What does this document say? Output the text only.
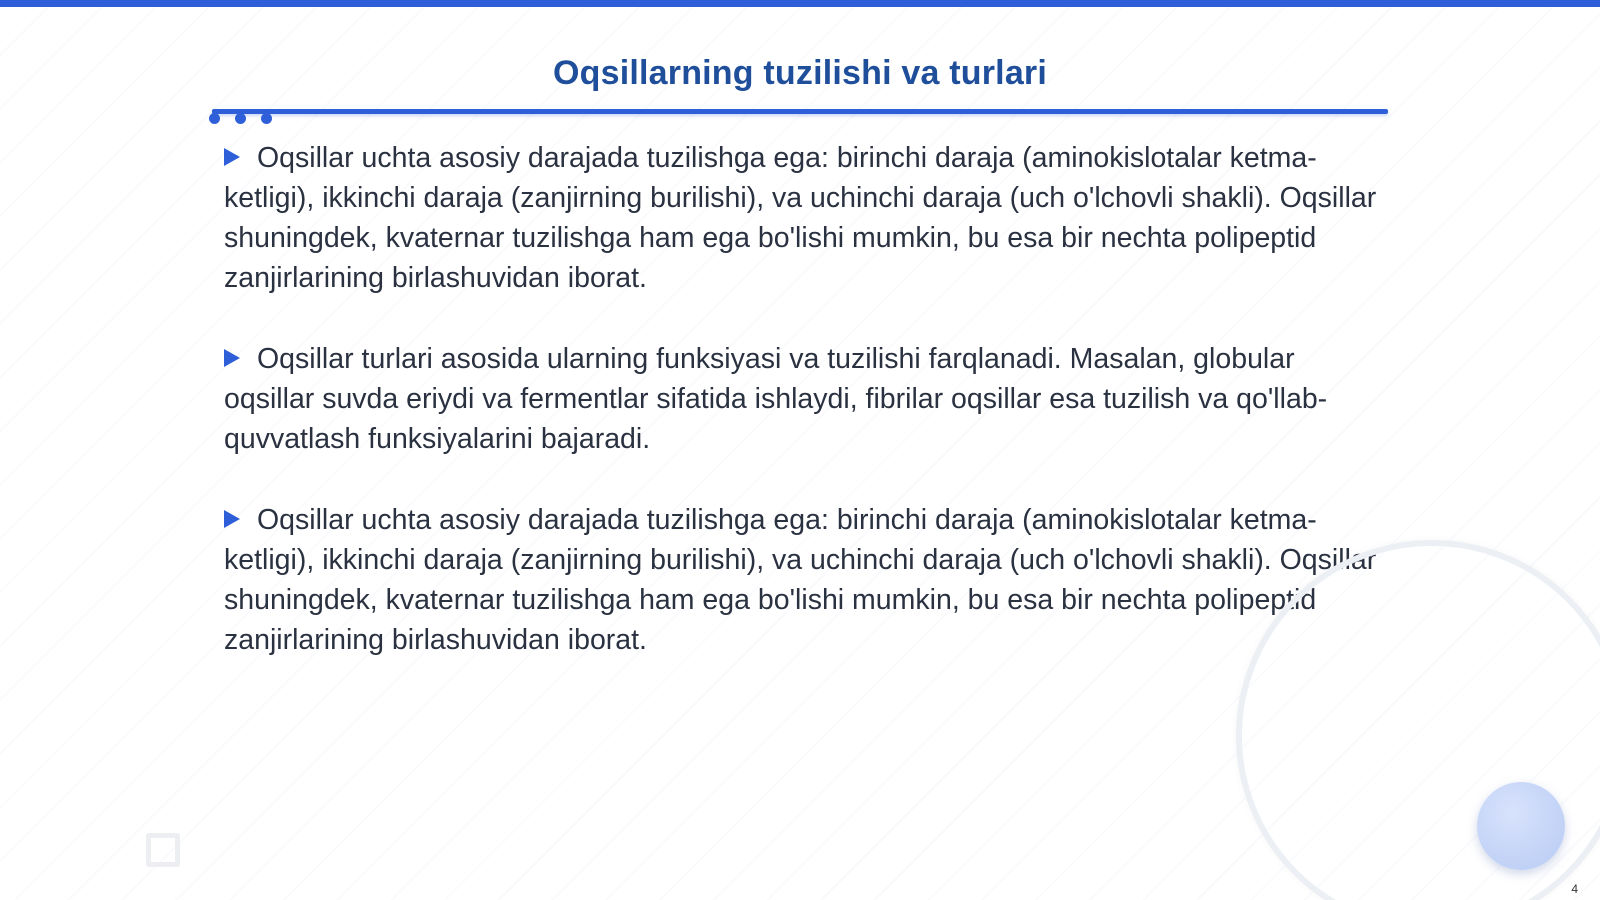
Oqsillarning tuzilishi va turlari

Oqsillar uchta asosiy darajada tuzilishga ega: birinchi daraja (aminokislotalar ketma-ketligi), ikkinchi daraja (zanjirning burilishi), va uchinchi daraja (uch o'lchovli shakli). Oqsillar shuningdek, kvaternar tuzilishga ham ega bo'lishi mumkin, bu esa bir nechta polipeptid zanjirlarining birlashuvidan iborat.

Oqsillar turlari asosida ularning funksiyasi va tuzilishi farqlanadi. Masalan, globular oqsillar suvda eriydi va fermentlar sifatida ishlaydi, fibrilar oqsillar esa tuzilish va qo'llab-quvvatlash funksiyalarini bajaradi.

Oqsillar uchta asosiy darajada tuzilishga ega: birinchi daraja (aminokislotalar ketma-ketligi), ikkinchi daraja (zanjirning burilishi), va uchinchi daraja (uch o'lchovli shakli). Oqsillar shuningdek, kvaternar tuzilishga ham ega bo'lishi mumkin, bu esa bir nechta polipeptid zanjirlarining birlashuvidan iborat.

4
